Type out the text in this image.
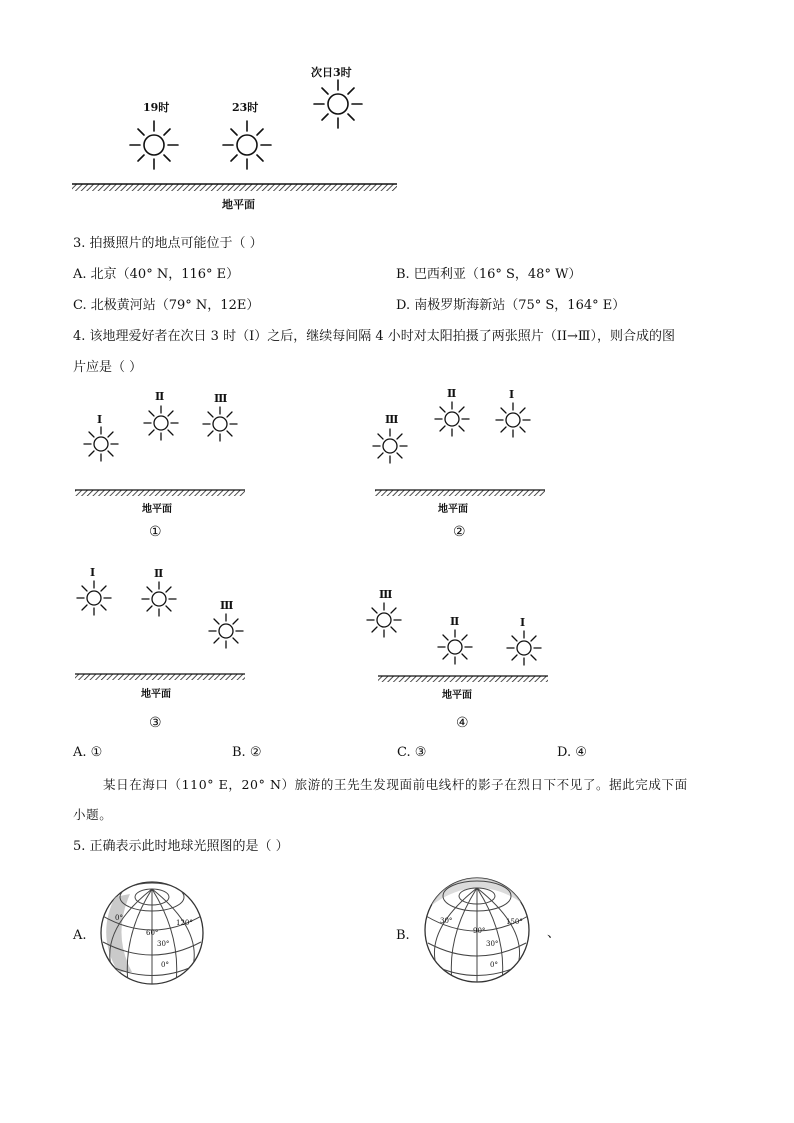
19时	23时
次日3时
地平面
3. 拍摄照片的地点可能位于（ ）
A. 北京（40° N，116° E）	B. 巴西利亚（16° S，48° W）
C. 北极黄河站（79° N，12E）	D. 南极罗斯海新站（75° S，164° E）
4. 该地理爱好者在次日 3 时（I）之后，继续每间隔 4 小时对太阳拍摄了两张照片（II→Ⅲ），则合成的图
片应是（ ）
I
Ⅱ	Ⅲ
地平面
①
Ⅲ
Ⅱ	I
地平面
②
I	Ⅱ
Ⅲ
地平面
③
Ⅲ
Ⅱ	I
地平面
④
A. ①	B. ②	C. ③	D. ④
某日在海口（110° E，20° N）旅游的王先生发现面前电线杆的影子在烈日下不见了。据此完成下面
小题。
5. 正确表示此时地球光照图的是（ ）
A.	B.	、
0°
120°
60°
30°
0°
30°	150°
90°
30°
0°
